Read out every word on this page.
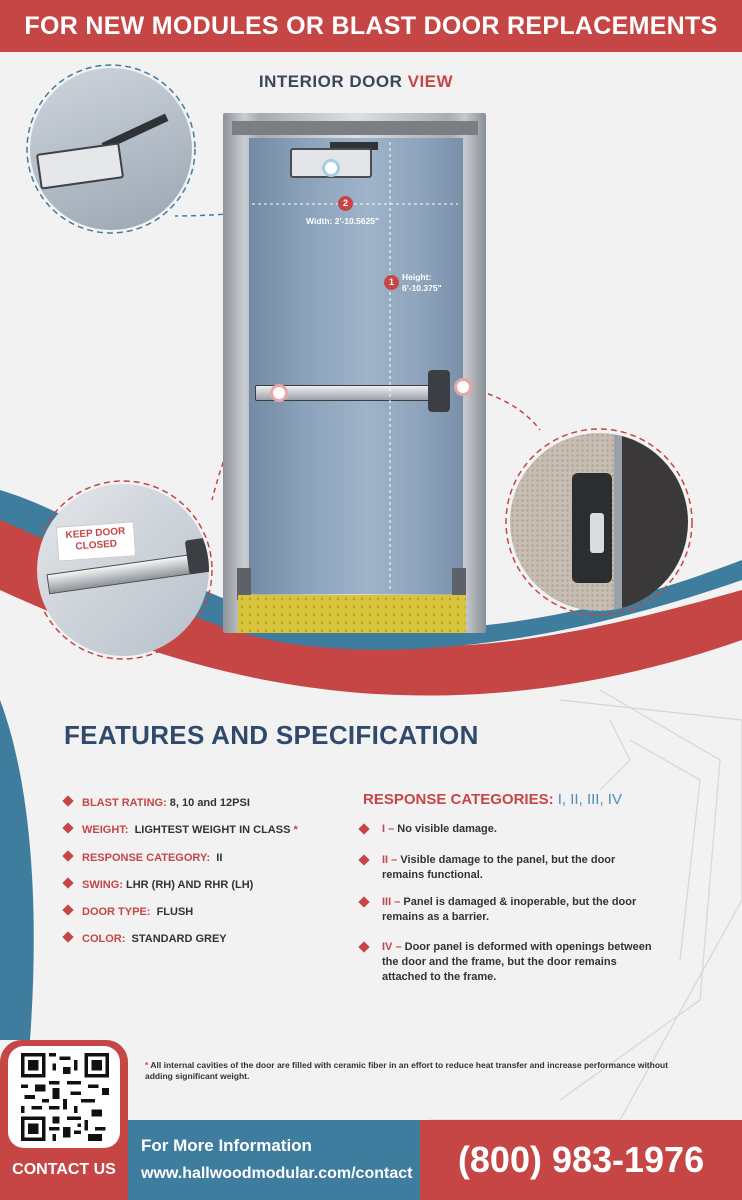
FOR NEW MODULES OR BLAST DOOR REPLACEMENTS
INTERIOR DOOR VIEW
2
Width: 2'-10.5625"
1 Height:
6'-10.375"
KEEP DOOR
CLOSED
FEATURES AND SPECIFICATION
BLAST RATING: 8, 10 and 12PSI
WEIGHT: LIGHTEST WEIGHT IN CLASS *
RESPONSE CATEGORY: II
SWING: LHR (RH) AND RHR (LH)
DOOR TYPE: FLUSH
COLOR: STANDARD GREY
RESPONSE CATEGORIES: I, II, III, IV
I – No visible damage.
II – Visible damage to the panel, but the door remains functional.
III – Panel is damaged & inoperable, but the door remains as a barrier.
IV – Door panel is deformed with openings between the door and the frame, but the door remains attached to the frame.
* All internal cavities of the door are filled with ceramic fiber in an effort to reduce heat transfer and increase performance without adding significant weight.
For More Information
www.hallwoodmodular.com/contact	(800) 983-1976
CONTACT US
